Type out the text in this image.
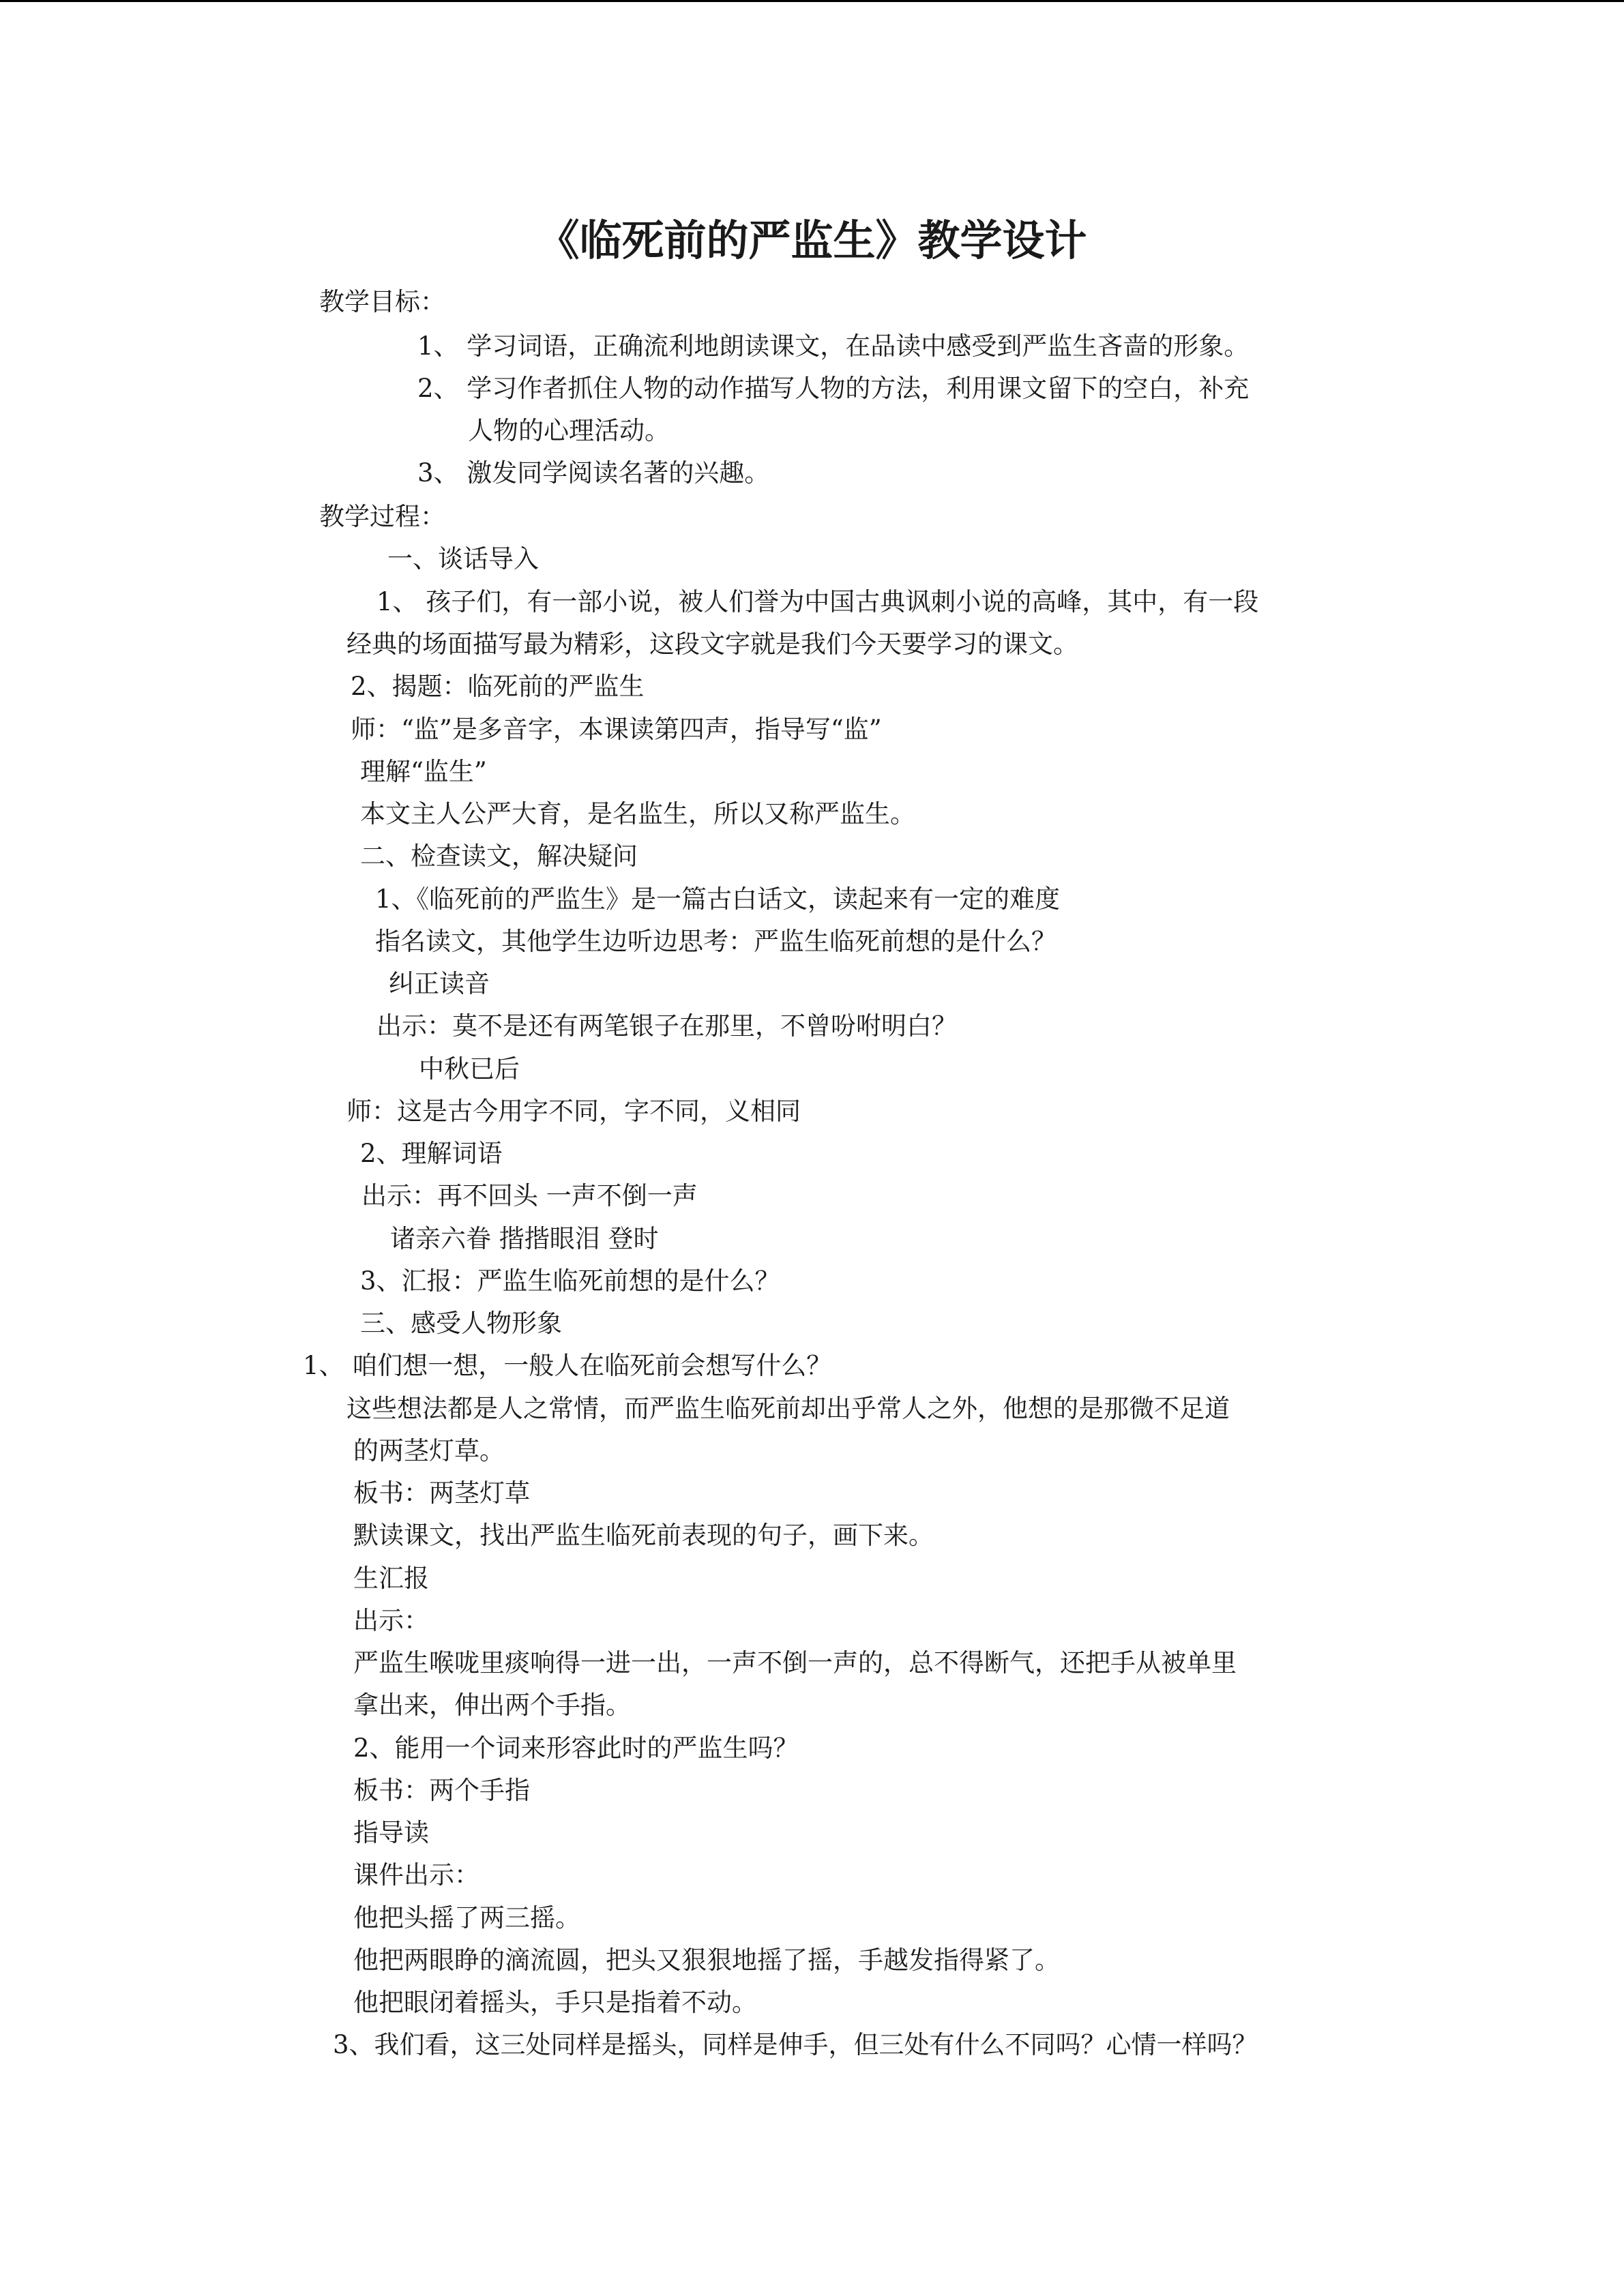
《临死前的严监生》教学设计
教学目标：
1、 学习词语，正确流利地朗读课文，在品读中感受到严监生吝啬的形象。
2、 学习作者抓住人物的动作描写人物的方法，利用课文留下的空白，补充
人物的心理活动。
3、 激发同学阅读名著的兴趣。
教学过程：
一、谈话导入
1、 孩子们，有一部小说，被人们誉为中国古典讽刺小说的高峰，其中，有一段
经典的场面描写最为精彩，这段文字就是我们今天要学习的课文。
2、揭题：临死前的严监生
师：“监”是多音字，本课读第四声，指导写“监”
理解“监生”
本文主人公严大育，是名监生，所以又称严监生。
二、检查读文，解决疑问
1、《临死前的严监生》是一篇古白话文，读起来有一定的难度
指名读文，其他学生边听边思考：严监生临死前想的是什么？
纠正读音
出示：莫不是还有两笔银子在那里，不曾吩咐明白？
中秋已后
师：这是古今用字不同，字不同，义相同
2、理解词语
出示：再不回头 一声不倒一声
诸亲六眷 揩揩眼泪 登时
3、汇报：严监生临死前想的是什么？
三、感受人物形象
1、 咱们想一想，一般人在临死前会想写什么？
这些想法都是人之常情，而严监生临死前却出乎常人之外，他想的是那微不足道
的两茎灯草。
板书：两茎灯草
默读课文，找出严监生临死前表现的句子，画下来。
生汇报
出示：
严监生喉咙里痰响得一进一出，一声不倒一声的，总不得断气，还把手从被单里
拿出来，伸出两个手指。
2、能用一个词来形容此时的严监生吗？
板书：两个手指
指导读
课件出示：
他把头摇了两三摇。
他把两眼睁的滴流圆，把头又狠狠地摇了摇，手越发指得紧了。
他把眼闭着摇头，手只是指着不动。
3、我们看，这三处同样是摇头，同样是伸手，但三处有什么不同吗？心情一样吗？
